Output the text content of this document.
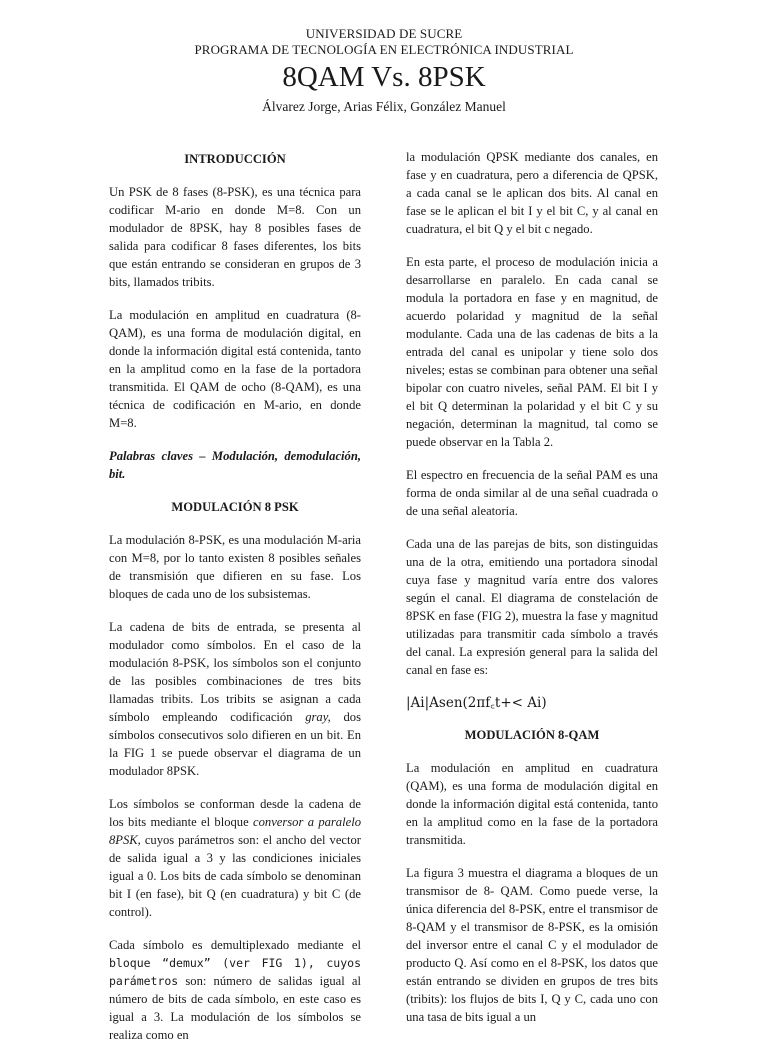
UNIVERSIDAD DE SUCRE
PROGRAMA DE TECNOLOGÍA EN ELECTRÓNICA INDUSTRIAL
8QAM Vs. 8PSK
Álvarez Jorge, Arias Félix, González Manuel
INTRODUCCIÓN

Un PSK de 8 fases (8-PSK), es una técnica para codificar M-ario en donde M=8. Con un modulador de 8PSK, hay 8 posibles fases de salida para codificar 8 fases diferentes, los bits que están entrando se consideran en grupos de 3 bits, llamados tribits.

La modulación en amplitud en cuadratura (8-QAM), es una forma de modulación digital, en donde la información digital está contenida, tanto en la amplitud como en la fase de la portadora transmitida. El QAM de ocho (8-QAM), es una técnica de codificación en M-ario, en donde M=8.

Palabras claves – Modulación, demodulación, bit.

MODULACIÓN 8 PSK

La modulación 8-PSK, es una modulación M-aria con M=8, por lo tanto existen 8 posibles señales de transmisión que difieren en su fase. Los bloques de cada uno de los subsistemas.

La cadena de bits de entrada, se presenta al modulador como símbolos. En el caso de la modulación 8-PSK, los símbolos son el conjunto de las posibles combinaciones de tres bits llamadas tribits. Los tribits se asignan a cada símbolo empleando codificación gray, dos símbolos consecutivos solo difieren en un bit. En la FIG 1 se puede observar el diagrama de un modulador 8PSK.

Los símbolos se conforman desde la cadena de los bits mediante el bloque conversor a paralelo 8PSK, cuyos parámetros son: el ancho del vector de salida igual a 3 y las condiciones iniciales igual a 0. Los bits de cada símbolo se denominan bit I (en fase), bit Q (en cuadratura) y bit C (de control).

Cada símbolo es demultiplexado mediante el bloque “demux” (ver FIG 1), cuyos parámetros son: número de salidas igual al número de bits de cada símbolo, en este caso es igual a 3. La modulación de los símbolos se realiza como en

la modulación QPSK mediante dos canales, en fase y en cuadratura, pero a diferencia de QPSK, a cada canal se le aplican dos bits. Al canal en fase se le aplican el bit I y el bit C, y al canal en cuadratura, el bit Q y el bit c negado.

En esta parte, el proceso de modulación inicia a desarrollarse en paralelo. En cada canal se modula la portadora en fase y en magnitud, de acuerdo polaridad y magnitud de la señal modulante. Cada una de las cadenas de bits a la entrada del canal es unipolar y tiene solo dos niveles; estas se combinan para obtener una señal bipolar con cuatro niveles, señal PAM. El bit I y el bit Q determinan la polaridad y el bit C y su negación, determinan la magnitud, tal como se puede observar en la Tabla 2.

El espectro en frecuencia de la señal PAM es una forma de onda similar al de una señal cuadrada o de una señal aleatoria.

Cada una de las parejas de bits, son distinguidas una de la otra, emitiendo una portadora sinodal cuya fase y magnitud varía entre dos valores según el canal. El diagrama de constelación de 8PSK en fase (FIG 2), muestra la fase y magnitud utilizadas para transmitir cada símbolo a través del canal. La expresión general para la salida del canal en fase es:

|Ai|Asen(2πf꜀t+< Ai)
MODULACIÓN 8-QAM

La modulación en amplitud en cuadratura (QAM), es una forma de modulación digital en donde la información digital está contenida, tanto en la amplitud como en la fase de la portadora transmitida.

La figura 3 muestra el diagrama a bloques de un transmisor de 8- QAM. Como puede verse, la única diferencia del 8-PSK, entre el transmisor de 8-QAM y el transmisor de 8-PSK, es la omisión del inversor entre el canal C y el modulador de producto Q. Así como en el 8-PSK, los datos que están entrando se dividen en grupos de tres bits (tribits): los flujos de bits I, Q y C, cada uno con una tasa de bits igual a un
